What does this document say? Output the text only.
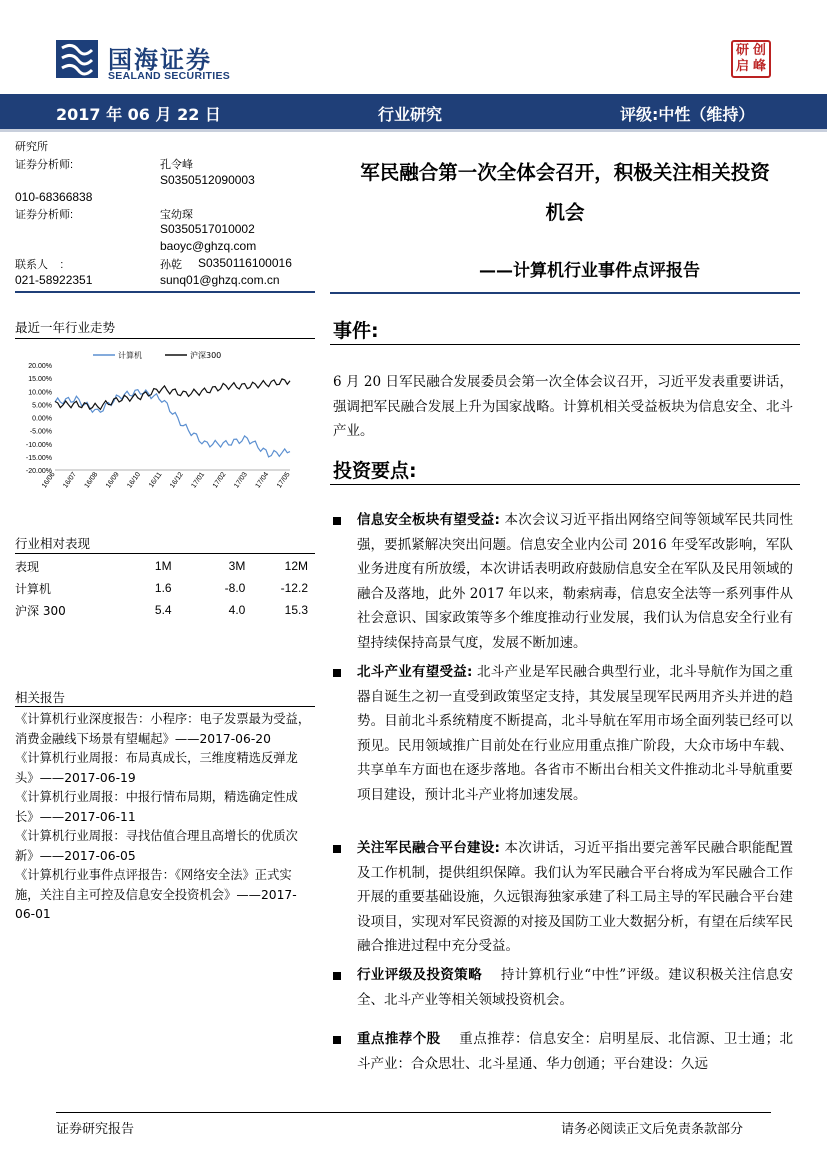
国海证券
SEALAND SECURITIES
研 创
启 峰
2017 年 06 月 22 日	行业研究	评级:中性（维持）
研究所
证券分析师:	孔令峰
S0350512090003
010-68366838
证券分析师:	宝幼琛
S0350517010002
baoyc@ghzq.com
联系人    :	孙乾 S0350116100016
021-58922351	sunq01@ghzq.com.cn
最近一年行业走势
20.00%
15.00%
10.00%
5.00%
0.00%
-5.00%
-10.00%
-15.00%
-20.00%
16/06 16/07 16/08 16/09 16/10 16/11 16/12 17/01 17/02 17/03 17/04 17/05
计算机	沪深300
行业相对表现
表现	1M	3M	12M
计算机	1.6	-8.0	-12.2
沪深 300	5.4	4.0	15.3
相关报告
《计算机行业深度报告：小程序：电子发票最为受益，消费金融线下场景有望崛起》——2017-06-20
《计算机行业周报：布局真成长，三维度精选反弹龙头》——2017-06-19
《计算机行业周报：中报行情布局期，精选确定性成长》——2017-06-11
《计算机行业周报：寻找估值合理且高增长的优质次新》——2017-06-05
《计算机行业事件点评报告：《网络安全法》正式实施，关注自主可控及信息安全投资机会》——2017-06-01
军民融合第一次全体会召开，积极关注相关投资
机会
——计算机行业事件点评报告
事件:
6 月 20 日军民融合发展委员会第一次全体会议召开，习近平发表重要讲话，强调把军民融合发展上升为国家战略。计算机相关受益板块为信息安全、北斗产业。
投资要点:
信息安全板块有望受益: 本次会议习近平指出网络空间等领域军民共同性强，要抓紧解决突出问题。信息安全业内公司 2016 年受军改影响，军队业务进度有所放缓，本次讲话表明政府鼓励信息安全在军队及民用领域的融合及落地，此外 2017 年以来，勒索病毒，信息安全法等一系列事件从社会意识、国家政策等多个维度推动行业发展，我们认为信息安全行业有望持续保持高景气度，发展不断加速。
北斗产业有望受益: 北斗产业是军民融合典型行业，北斗导航作为国之重器自诞生之初一直受到政策坚定支持，其发展呈现军民两用齐头并进的趋势。目前北斗系统精度不断提高，北斗导航在军用市场全面列装已经可以预见。民用领域推广目前处在行业应用重点推广阶段，大众市场中车载、共享单车方面也在逐步落地。各省市不断出台相关文件推动北斗导航重要项目建设，预计北斗产业将加速发展。
关注军民融合平台建设: 本次讲话，习近平指出要完善军民融合职能配置及工作机制，提供组织保障。我们认为军民融合平台将成为军民融合工作开展的重要基础设施，久远银海独家承建了科工局主导的军民融合平台建设项目，实现对军民资源的对接及国防工业大数据分析，有望在后续军民融合推进过程中充分受益。
行业评级及投资策略 持计算机行业“中性”评级。建议积极关注信息安全、北斗产业等相关领域投资机会。
重点推荐个股 重点推荐：信息安全：启明星辰、北信源、卫士通；北斗产业：合众思壮、北斗星通、华力创通；平台建设：久远
证券研究报告	请务必阅读正文后免责条款部分
